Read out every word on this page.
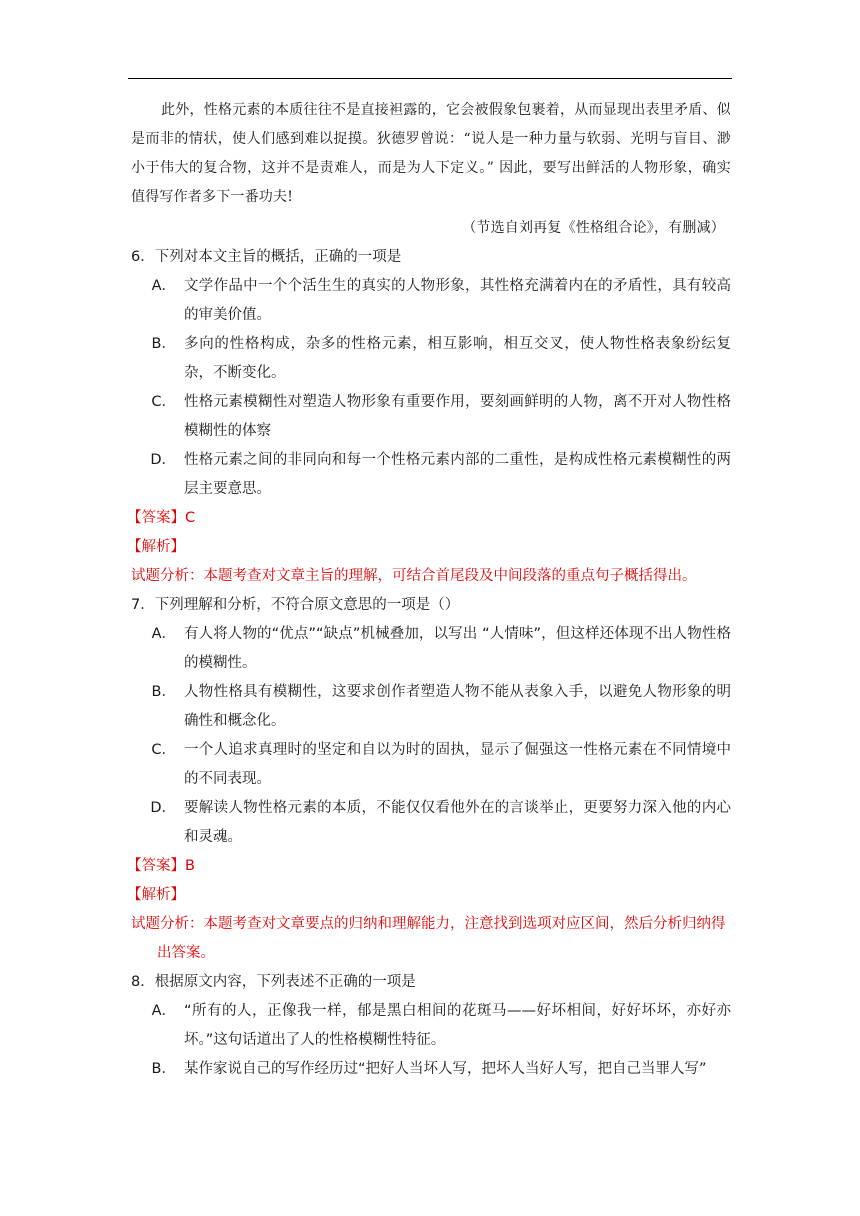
此外，性格元素的本质往往不是直接袒露的，它会被假象包裹着，从而显现出表里矛盾、似是而非的情状，使人们感到难以捉摸。狄德罗曾说：“说人是一种力量与软弱、光明与盲目、渺小于伟大的复合物，这并不是责难人，而是为人下定义。” 因此，要写出鲜活的人物形象，确实值得写作者多下一番功夫!

（节选自刘再复《性格组合论》，有删减）

6．下列对本文主旨的概括，正确的一项是

A． 文学作品中一个个活生生的真实的人物形象，其性格充满着内在的矛盾性，具有较高的审美价值。
B． 多向的性格构成，杂多的性格元素，相互影响，相互交叉，使人物性格表象纷纭复杂，不断变化。
C． 性格元素模糊性对塑造人物形象有重要作用，要刻画鲜明的人物，离不开对人物性格模糊性的体察
D． 性格元素之间的非同向和每一个性格元素内部的二重性，是构成性格元素模糊性的两层主要意思。

【答案】C

【解析】

试题分析：本题考查对文章主旨的理解，可结合首尾段及中间段落的重点句子概括得出。

7．下列理解和分析，不符合原文意思的一项是（）

A． 有人将人物的“优点”“缺点”机械叠加，以写出 “人情味”，但这样还体现不出人物性格的模糊性。
B． 人物性格具有模糊性，这要求创作者塑造人物不能从表象入手，以避免人物形象的明确性和概念化。
C． 一个人追求真理时的坚定和自以为时的固执，显示了倔强这一性格元素在不同情境中的不同表现。
D． 要解读人物性格元素的本质，不能仅仅看他外在的言谈举止，更要努力深入他的内心和灵魂。

【答案】B

【解析】

试题分析：本题考查对文章要点的归纳和理解能力，注意找到选项对应区间，然后分析归纳得出答案。

8．根据原文内容，下列表述不正确的一项是

A． “所有的人，正像我一样，郁是黑白相间的花斑马——好坏相间，好好坏坏，亦好亦坏。”这句话道出了人的性格模糊性特征。
B． 某作家说自己的写作经历过“把好人当坏人写，把坏人当好人写，把自己当罪人写”
